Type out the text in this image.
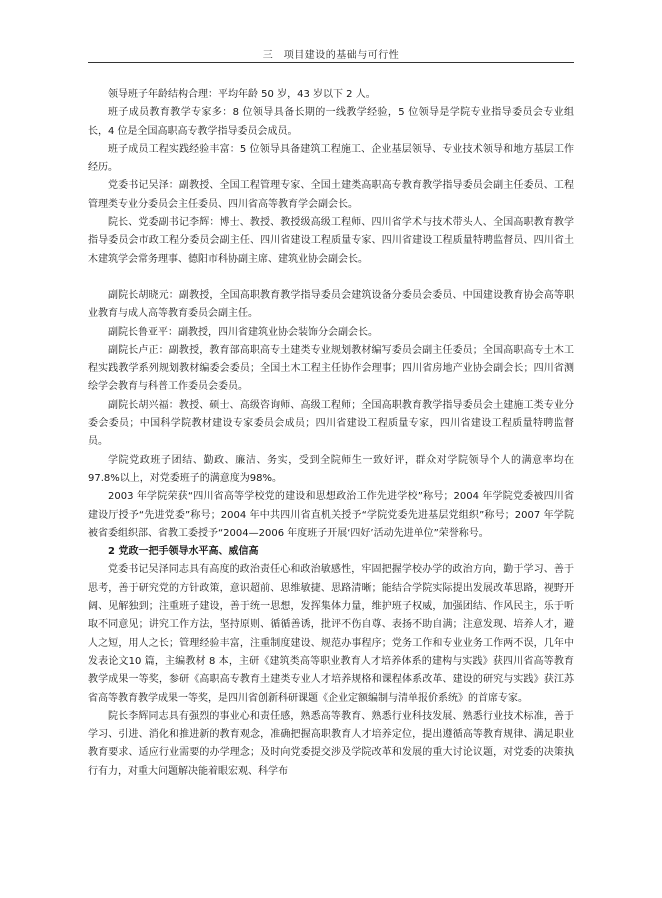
三　项目建设的基础与可行性

领导班子年龄结构合理：平均年龄 50 岁，43 岁以下 2 人。

班子成员教育教学专家多：8 位领导具备长期的一线教学经验，5 位领导是学院专业指导委员会专业组长，4 位是全国高职高专教学指导委员会成员。

班子成员工程实践经验丰富：5 位领导具备建筑工程施工、企业基层领导、专业技术领导和地方基层工作经历。

党委书记吴泽：副教授、全国工程管理专家、全国土建类高职高专教育教学指导委员会副主任委员、工程管理类专业分委员会主任委员、四川省高等教育学会副会长。

院长、党委副书记李辉：博士、教授、教授级高级工程师、四川省学术与技术带头人、全国高职教育教学指导委员会市政工程分委员会副主任、四川省建设工程质量专家、四川省建设工程质量特聘监督员、四川省土木建筑学会常务理事、德阳市科协副主席、建筑业协会副会长。

副院长胡晓元：副教授，全国高职教育教学指导委员会建筑设备分委员会委员、中国建设教育协会高等职业教育与成人高等教育委员会副主任。

副院长鲁亚平：副教授，四川省建筑业协会装饰分会副会长。

副院长卢正：副教授，教育部高职高专土建类专业规划教材编写委员会副主任委员；全国高职高专土木工程实践教学系列规划教材编委会委员；全国土木工程主任协作会理事；四川省房地产业协会副会长；四川省测绘学会教育与科普工作委员会委员。

副院长胡兴福：教授、硕士、高级咨询师、高级工程师；全国高职教育教学指导委员会土建施工类专业分委会委员；中国科学院教材建设专家委员会成员；四川省建设工程质量专家，四川省建设工程质量特聘监督员。

学院党政班子团结、勤政、廉洁、务实，受到全院师生一致好评，群众对学院领导个人的满意率均在97.8%以上，对党委班子的满意度为98%。

2003 年学院荣获“四川省高等学校党的建设和思想政治工作先进学校”称号；2004 年学院党委被四川省建设厅授予“先进党委”称号；2004 年中共四川省直机关授予“学院党委先进基层党组织”称号；2007 年学院被省委组织部、省教工委授予“2004—2006 年度班子开展‘四好’活动先进单位”荣誉称号。

2 党政一把手领导水平高、威信高

党委书记吴泽同志具有高度的政治责任心和政治敏感性，牢固把握学校办学的政治方向，勤于学习、善于思考，善于研究党的方针政策，意识超前、思维敏捷、思路清晰；能结合学院实际提出发展改革思路，视野开阔、见解独到；注重班子建设，善于统一思想，发挥集体力量，维护班子权威，加强团结、作风民主，乐于听取不同意见；讲究工作方法，坚持原则、循循善诱，批评不伤自尊、表扬不助自满；注意发现、培养人才，避人之短，用人之长；管理经验丰富，注重制度建设、规范办事程序；党务工作和专业业务工作两不误，几年中发表论文10 篇，主编教材 8 本，主研《建筑类高等职业教育人才培养体系的建构与实践》获四川省高等教育教学成果一等奖，参研《高职高专教育土建类专业人才培养规格和课程体系改革、建设的研究与实践》获江苏省高等教育教学成果一等奖，是四川省创新科研课题《企业定额编制与清单报价系统》的首席专家。

院长李辉同志具有强烈的事业心和责任感，熟悉高等教育、熟悉行业科技发展、熟悉行业技术标准，善于学习、引进、消化和推进新的教育观念，准确把握高职教育人才培养定位，提出遵循高等教育规律、满足职业教育要求、适应行业需要的办学理念；及时向党委提交涉及学院改革和发展的重大讨论议题，对党委的决策执行有力，对重大问题解决能着眼宏观、科学布
